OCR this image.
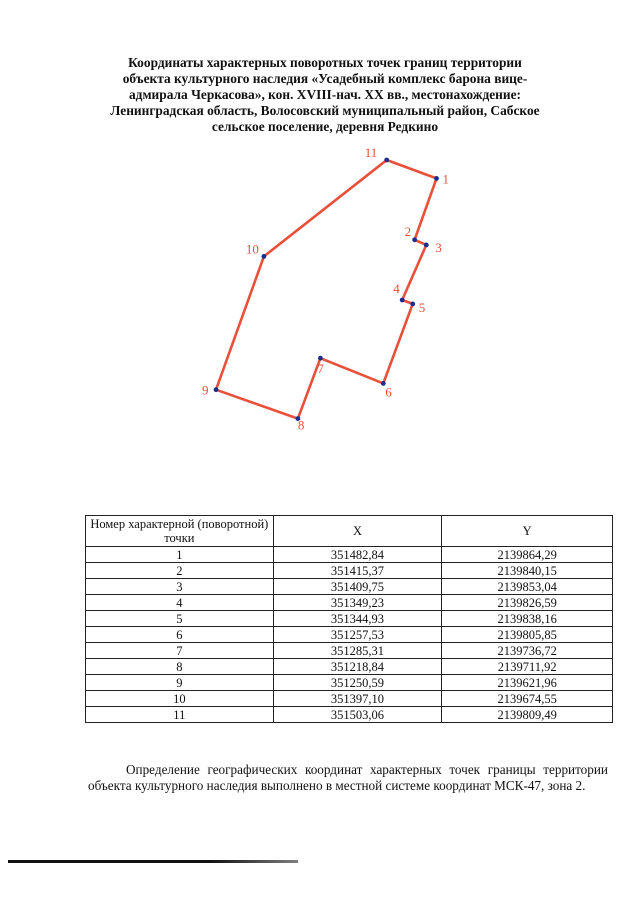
Координаты характерных поворотных точек границ территории
объекта культурного наследия «Усадебный комплекс барона вице-
адмирала Черкасова», кон. XVIII-нач. XX вв., местонахождение:
Ленинградская область, Волосовский муниципальный район, Сабское
сельское поселение, деревня Редкино
1
2
3
4
5
6
7
8
9
10
11
Номер характерной (поворотной) точки	X	Y
1	351482,84	2139864,29
2	351415,37	2139840,15
3	351409,75	2139853,04
4	351349,23	2139826,59
5	351344,93	2139838,16
6	351257,53	2139805,85
7	351285,31	2139736,72
8	351218,84	2139711,92
9	351250,59	2139621,96
10	351397,10	2139674,55
11	351503,06	2139809,49

Определение географических координат характерных точек границы территории объекта культурного наследия выполнено в местной системе координат МСК-47, зона 2.
